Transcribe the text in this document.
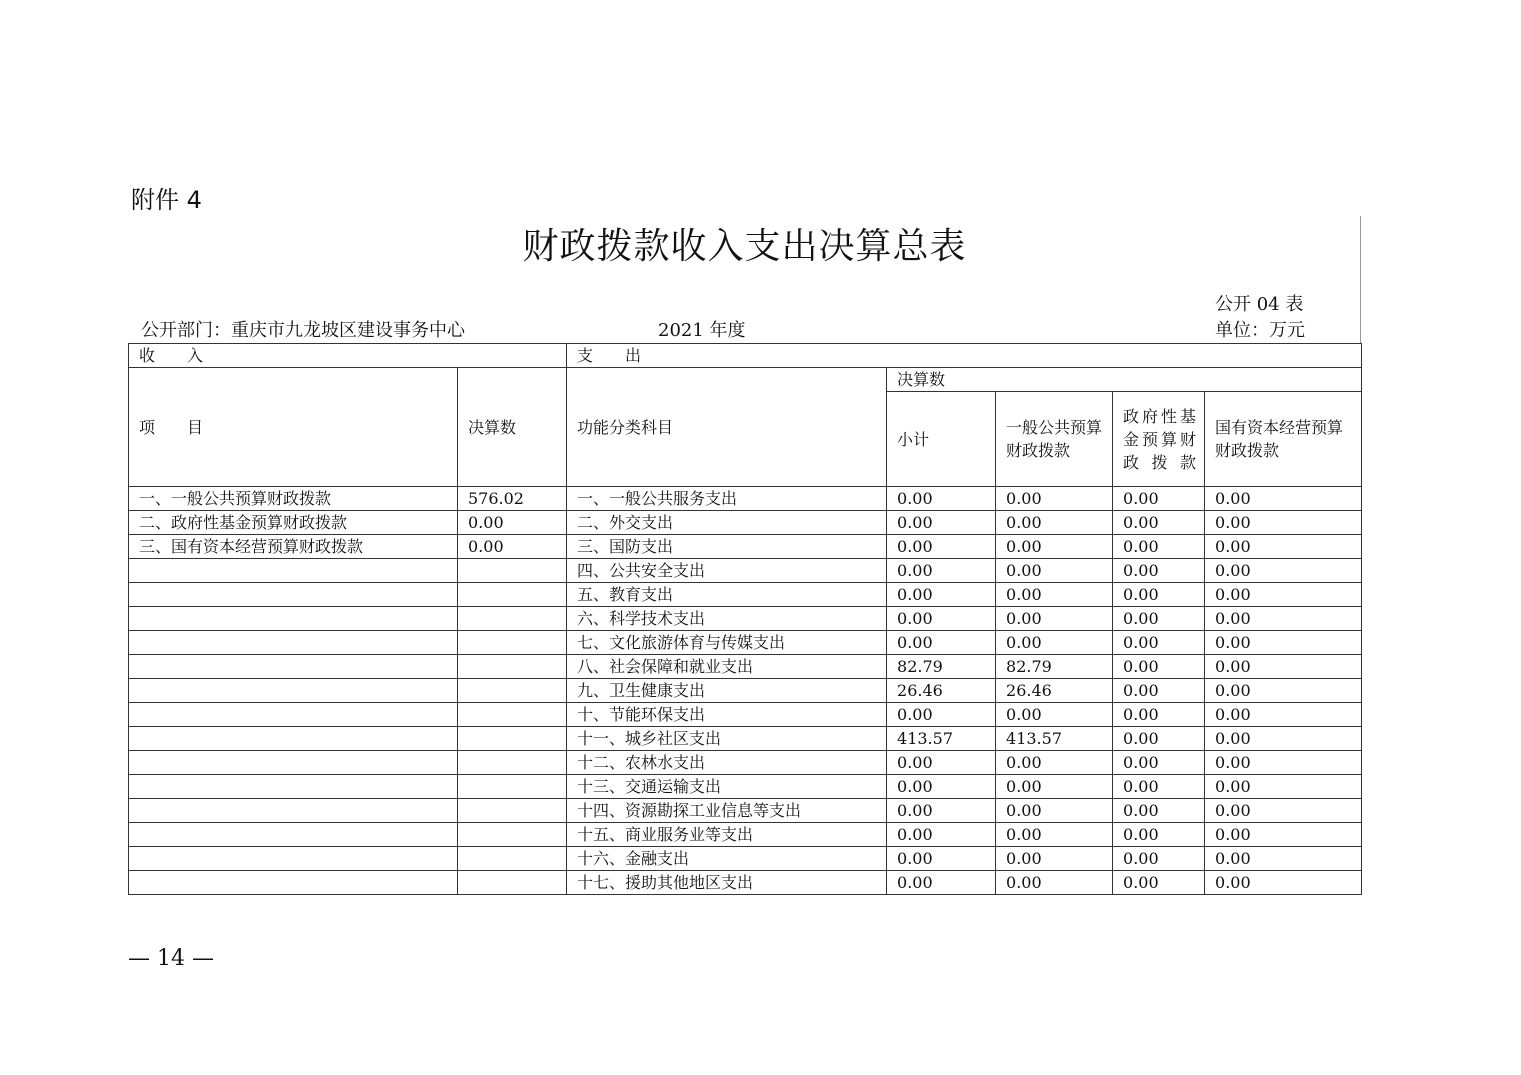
附件 4
财政拨款收入支出决算总表
公开 04 表
公开部门：重庆市九龙坡区建设事务中心	2021 年度	单位：万元
收　　入		支　　出				
项　　目	决算数	功能分类科目	决算数			
			小计	一般公共预算财政拨款	政府性基金预算财政拨款	国有资本经营预算财政拨款
一、一般公共预算财政拨款	576.02	一、一般公共服务支出	0.00	0.00	0.00	0.00
二、政府性基金预算财政拨款	0.00	二、外交支出	0.00	0.00	0.00	0.00
三、国有资本经营预算财政拨款	0.00	三、国防支出	0.00	0.00	0.00	0.00
		四、公共安全支出	0.00	0.00	0.00	0.00
		五、教育支出	0.00	0.00	0.00	0.00
		六、科学技术支出	0.00	0.00	0.00	0.00
		七、文化旅游体育与传媒支出	0.00	0.00	0.00	0.00
		八、社会保障和就业支出	82.79	82.79	0.00	0.00
		九、卫生健康支出	26.46	26.46	0.00	0.00
		十、节能环保支出	0.00	0.00	0.00	0.00
		十一、城乡社区支出	413.57	413.57	0.00	0.00
		十二、农林水支出	0.00	0.00	0.00	0.00
		十三、交通运输支出	0.00	0.00	0.00	0.00
		十四、资源勘探工业信息等支出	0.00	0.00	0.00	0.00
		十五、商业服务业等支出	0.00	0.00	0.00	0.00
		十六、金融支出	0.00	0.00	0.00	0.00
		十七、援助其他地区支出	0.00	0.00	0.00	0.00
— 14 —
